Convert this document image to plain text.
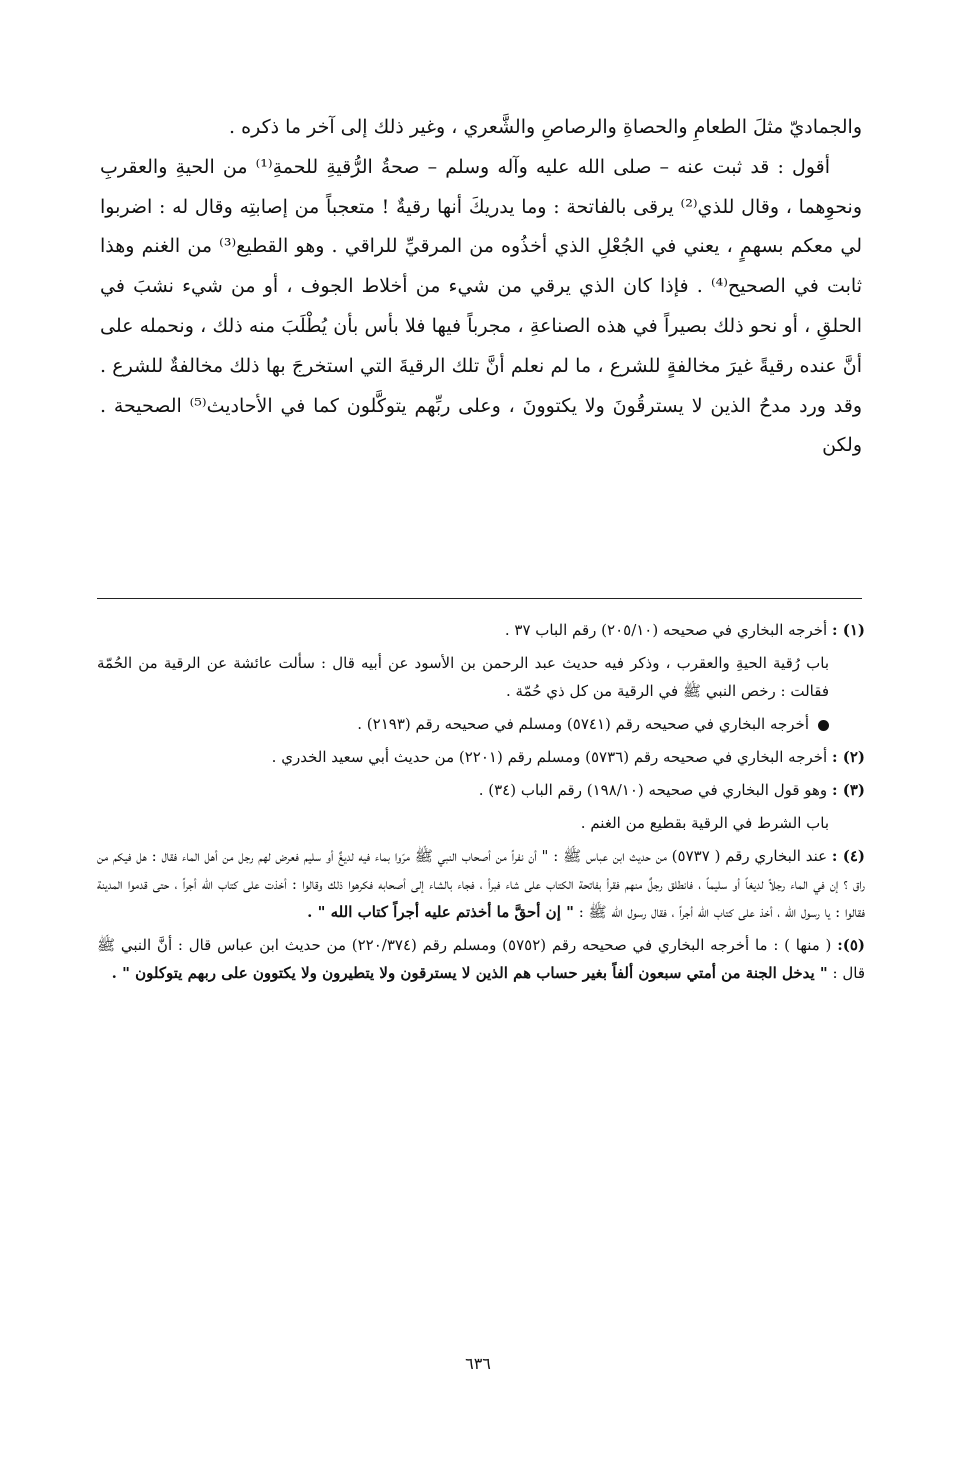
والجماديّ مثلَ الطعامِ والحصاةِ والرصاصِ والشَّعري ، وغير ذلك إلى آخر ما ذكره .

أقول : قد ثبت عنه – صلى الله عليه وآله وسلم – صحةُ الرُّقيةِ للحمةِ⁽¹⁾ من الحيةِ والعقربِ ونحوِهما ، وقال للذي⁽²⁾ يرقى بالفاتحة : وما يدريكَ أنها رقيةٌ ! متعجباً من إصابتِه وقال له : اضربوا لي معكم بسهمٍ ، يعني في الجُعْلِ الذي أخذُوه من المرقيِّ للراقي . وهو القطيع⁽³⁾ من الغنم وهذا ثابت في الصحيح⁽⁴⁾ . فإذا كان الذي يرقي من شيء من أخلاط الجوف ، أو من شيء نشبَ في الحلقِ ، أو نحو ذلك بصيراً في هذه الصناعةِ ، مجرباً فيها فلا بأس بأن يُطْلَبَ منه ذلك ، ونحمله على أنَّ عنده رقيةً غيرَ مخالفةٍ للشرع ، ما لم نعلم أنَّ تلك الرقيةَ التي استخرجَ بها ذلك مخالفةٌ للشرع . وقد ورد مدحُ الذين لا يسترقُونَ ولا يكتوونَ ، وعلى ربِّهم يتوكَّلون كما في الأحاديث⁽⁵⁾ الصحيحة . ولكن

(١) : أخرجه البخاري في صحيحه (٢٠٥/١٠) رقم الباب ٣٧ .

باب رُقية الحيةِ والعقرب ، وذكر فيه حديث عبد الرحمن بن الأسود عن أبيه قال : سألت عائشة عن الرقية من الحُمّة فقالت : رخص النبي ﷺ في الرقية من كل ذي حُمّة .

أخرجه البخاري في صحيحه رقم (٥٧٤١) ومسلم في صحيحه رقم (٢١٩٣) .

(٢) : أخرجه البخاري في صحيحه رقم (٥٧٣٦) ومسلم رقم (٢٢٠١) من حديث أبي سعيد الخدري .

(٣) : وهو قول البخاري في صحيحه (١٩٨/١٠) رقم الباب (٣٤) .

باب الشرط في الرقية بقطيع من الغنم .

(٤) : عند البخاري رقم ( ٥٧٣٧) من حديث ابن عباس ﷺ : " أن نفراً من أصحاب النبي ﷺ مرّوا بماء فيه لديغٌ أو سليم فعرض لهم رجل من أهل الماء فقال : هل فيكم من راق ؟ إن في الماء رجلاً لديغاً أو سليماً ، فانطلق رجلٌ منهم فقرأ بفاتحة الكتاب على شاء فبرأ ، فجاء بالشاء إلى أصحابه فكرهوا ذلك وقالوا : أخذت على كتاب الله أجراً ، حتى قدموا المدينة فقالوا : يا رسول الله ، أخذ على كتاب الله أجراً ، فقال رسول الله ﷺ : " إن أحقَّ ما أخذتم عليه أجراً كتاب الله " .

(٥): ( منها ) : ما أخرجه البخاري في صحيحه رقم (٥٧٥٢) ومسلم رقم (٢٢٠/٣٧٤) من حديث ابن عباس قال : أنَّ النبي ﷺ قال : " يدخل الجنة من أمتي سبعون ألفاً بغير حساب هم الذين لا يسترقون ولا يتطيرون ولا يكتوون على ربهم يتوكلون " .

٦٣٦
